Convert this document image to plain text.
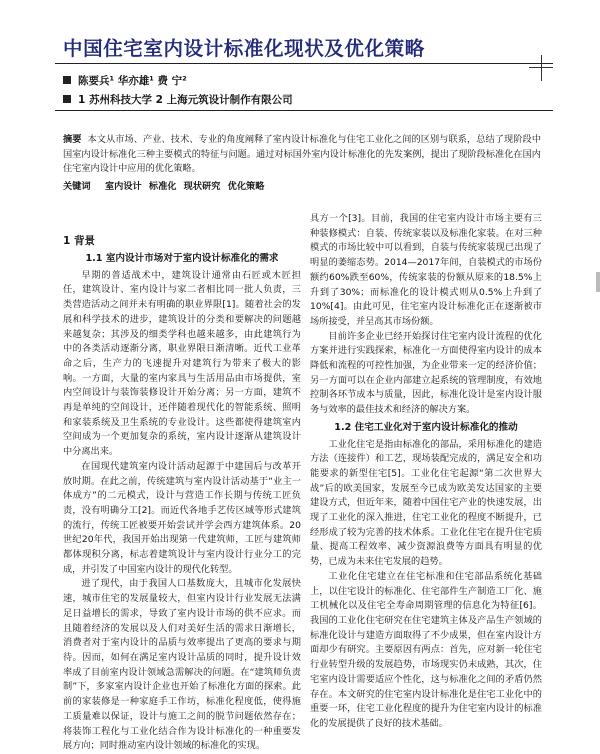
中国住宅室内设计标准化现状及优化策略
陈要兵¹ 华亦雄¹ 费 宁²
1 苏州科技大学 2 上海元筑设计制作有限公司
摘要 本文从市场、产业、技术、专业的角度阐释了室内设计标准化与住宅工业化之间的区别与联系，总结了现阶段中国室内设计标准化三种主要模式的特征与问题。通过对标国外室内设计标准化的先发案例，提出了现阶段标准化在国内住宅室内设计中应用的优化策略。
关键词 室内设计 标准化 现状研究 优化策略
1 背景
1.1 室内设计市场对于室内设计标准化的需求

早期的普适战术中，建筑设计通常由石匠或木匠担任，建筑设计、室内设计与家二者相比同一批人负责，三类营造活动之间并未有明确的职业界限[1]。随着社会的发展和科学技术的进步，建筑设计的分类和要解决的问题越来越复杂；其涉及的细类学科也越来越多，由此建筑行为中的各类活动逐渐分离，职业界限日渐清晰。近代工业革命之后，生产力的飞速提升对建筑行为带来了极大的影响。一方面，大量的室内家具与生活用品由市场提供，室内空间设计与装饰装修设计开始分离；另一方面，建筑不再是单纯的空间设计，还伴随着现代化的智能系统、照明和家装系统及卫生系统的专业设计。这些都使得建筑室内空间成为一个更加复杂的系统，室内设计逐渐从建筑设计中分离出来。

在国现代建筑室内设计活动起源于中建国后与改革开放时期。在此之前，传统建筑与室内设计活动基于“业主一体成方”的二元模式，设计与营造工作长期与传统工匠负责，没有明确分工[2]。而近代各地手艺传区域等形式建筑的流行，传统工匠被要开始尝试并学会西方建筑体系。20世纪20年代，我国开始出现第一代建筑师，工匠与建筑师都体现积分离，标志着建筑设计与室内设计行业分工的完成，并引发了中国室内设计的现代化转型。

进了现代，由于我国人口基数庞大，且城市化发展快速，城市住宅的发展量较大，但室内设计行业发展无法满足日益增长的需求，导致了室内设计市场的供不应求。而且随着经济的发展以及人们对美好生活的需求日渐增长，消费者对于室内设计的品质与效率提出了更高的要求与期待。因而，如何在满足室内设计品质的同时，提升设计效率成了目前室内设计领域急需解决的问题。在“建筑师负责制”下，多家室内设计企业也开始了标准化方面的探索。此前的家装修是一种家庭手工作坊，标准化程度低，使得施工质量难以保证，设计与施工之间的脱节问题依然存在；将装饰工程化与工业化结合作为设计标准化的一种重要发展方向；同时推动室内设计领域的标准化的实现。

具方一个[3]。目前，我国的住宅室内设计市场主要有三种装修模式：自装、传统家装以及标准化家装。在对三种模式的市场比较中可以看到，自装与传统家装现已出现了明显的萎缩态势。2014—2017年间，自装模式的市场份额约60%跌至60%，传统家装的份额从原来的18.5%上升到了30%；而标准化的设计模式则从0.5%上升到了10%[4]。由此可见，住宅室内设计标准化正在逐渐被市场所接受，并呈高其市场份额。

目前许多企业已经开始探讨住宅室内设计流程的优化方案并进行实践探索，标准化一方面使得室内设计的成本降低和流程的可控性加强，为企业带来一定的经济价值；另一方面可以在企业内部建立起系统的管理制度，有效地控制各环节成本与质量，因此，标准化设计是室内设计服务与效率的最佳技术和经济的解决方案。

1.2 住宅工业化对于室内设计标准化的推动

工业化住宅是指由标准化的部品，采用标准化的建造方法（连接件）和工艺，现场装配完成的，满足安全和功能要求的新型住宅[5]。工业化住宅起源“第二次世界大战”后的欧美国家，发展至今已成为欧美发达国家的主要建设方式，但近年来，随着中国住宅产业的快速发展，出现了工业化的深入推进，住宅工业化的程度不断提升，已经形成了较为完善的技术体系。工业化住宅在提升住宅质量、提高工程效率、减少资源浪费等方面具有明显的优势，已成为未来住宅发展的趋势。

工业化住宅建立在住宅标准和住宅部品系统化基础上，以住宅设计的标准化、住宅部件生产制造工厂化、施工机械化以及住宅全寿命周期管理的信息化为特征[6]。我国的工业化住宅研究在住宅建筑主体及产品生产领域的标准化设计与建造方面取得了不少成果，但在室内设计方面却少有研究。主要原因有两点：首先，应对新一轮住宅行业转型升级的发展趋势，市场现实仍未成熟，其次，住宅室内设计需要适应个性化，这与标准化之间的矛盾仍然存在。本文研究的住宅室内设计标准化是住宅工业化中的重要一环，住宅工业化程度的提升为住宅室内设计的标准化的发展提供了良好的技术基础。
